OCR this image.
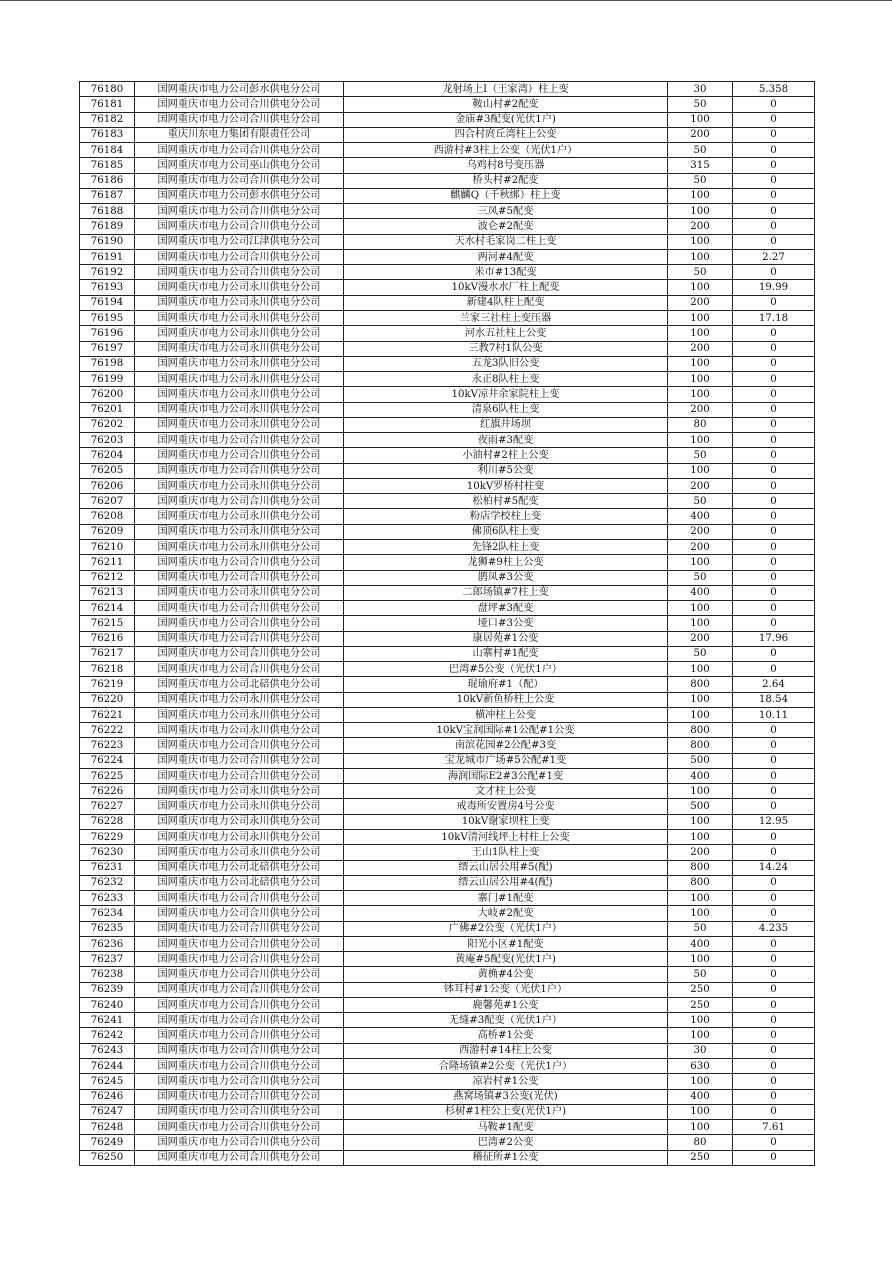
76180	国网重庆市电力公司彭水供电分公司	龙射场上Ⅰ（王家湾）柱上变	30	5.358
76181	国网重庆市电力公司合川供电分公司	鞍山村#2配变	50	0
76182	国网重庆市电力公司合川供电分公司	金庙#3配变(光伏1户)	100	0
76183	重庆川东电力集团有限责任公司	四合村庹丘湾柱上公变	200	0
76184	国网重庆市电力公司合川供电分公司	西游村#3柱上公变（光伏1户）	50	0
76185	国网重庆市电力公司巫山供电分公司	乌鸡村8号变压器	315	0
76186	国网重庆市电力公司合川供电分公司	桥头村#2配变	50	0
76187	国网重庆市电力公司彭水供电分公司	麒麟Q（千秋绑）柱上变	100	0
76188	国网重庆市电力公司合川供电分公司	三凤#5配变	100	0
76189	国网重庆市电力公司合川供电分公司	波仑#2配变	200	0
76190	国网重庆市电力公司江津供电分公司	天水村毛家岗二柱上变	100	0
76191	国网重庆市电力公司合川供电分公司	两河#4配变	100	2.27
76192	国网重庆市电力公司合川供电分公司	米市#13配变	50	0
76193	国网重庆市电力公司永川供电分公司	10kV漫水水厂柱上配变	100	19.99
76194	国网重庆市电力公司永川供电分公司	新建4队柱上配变	200	0
76195	国网重庆市电力公司永川供电分公司	兰家三社柱上变压器	100	17.18
76196	国网重庆市电力公司永川供电分公司	河水五社柱上公变	100	0
76197	国网重庆市电力公司永川供电分公司	三教7村1队公变	200	0
76198	国网重庆市电力公司永川供电分公司	五龙3队旧公变	100	0
76199	国网重庆市电力公司永川供电分公司	永正8队柱上变	100	0
76200	国网重庆市电力公司永川供电分公司	10kV凉井余家院柱上变	100	0
76201	国网重庆市电力公司永川供电分公司	清泉6队柱上变	200	0
76202	国网重庆市电力公司永川供电分公司	红旗井场坝	80	0
76203	国网重庆市电力公司合川供电分公司	夜雨#3配变	100	0
76204	国网重庆市电力公司合川供电分公司	小油村#2柱上公变	50	0
76205	国网重庆市电力公司合川供电分公司	利川#5公变	100	0
76206	国网重庆市电力公司永川供电分公司	10kV罗桥村柱变	200	0
76207	国网重庆市电力公司合川供电分公司	松柏村#5配变	50	0
76208	国网重庆市电力公司永川供电分公司	粉店学校柱上变	400	0
76209	国网重庆市电力公司永川供电分公司	佛顶6队柱上变	200	0
76210	国网重庆市电力公司永川供电分公司	先锋2队柱上变	200	0
76211	国网重庆市电力公司合川供电分公司	龙狮#9柱上公变	100	0
76212	国网重庆市电力公司合川供电分公司	鹊凤#3公变	50	0
76213	国网重庆市电力公司永川供电分公司	二郎场镇#7柱上变	400	0
76214	国网重庆市电力公司合川供电分公司	盘坪#3配变	100	0
76215	国网重庆市电力公司合川供电分公司	垭口#3公变	100	0
76216	国网重庆市电力公司合川供电分公司	康居苑#1公变	200	17.96
76217	国网重庆市电力公司合川供电分公司	山寨村#1配变	50	0
76218	国网重庆市电力公司合川供电分公司	巴湾#5公变（光伏1户）	100	0
76219	国网重庆市电力公司北碚供电分公司	琨瑜府#1（配）	800	2.64
76220	国网重庆市电力公司永川供电分公司	10kV新鱼桥柱上公变	100	18.54
76221	国网重庆市电力公司永川供电分公司	横冲柱上公变	100	10.11
76222	国网重庆市电力公司永川供电分公司	10kV宝润国际#1公配#1公变	800	0
76223	国网重庆市电力公司合川供电分公司	南滨花园#2公配#3变	800	0
76224	国网重庆市电力公司合川供电分公司	宝龙城市广场#5公配#1变	500	0
76225	国网重庆市电力公司合川供电分公司	海润国际E2#3公配#1变	400	0
76226	国网重庆市电力公司永川供电分公司	文才柱上公变	100	0
76227	国网重庆市电力公司永川供电分公司	戒毒所安置房4号公变	500	0
76228	国网重庆市电力公司永川供电分公司	10kV谢家坝柱上变	100	12.95
76229	国网重庆市电力公司永川供电分公司	10kV清河线坪上村柱上公变	100	0
76230	国网重庆市电力公司永川供电分公司	王山1队柱上变	200	0
76231	国网重庆市电力公司北碚供电分公司	缙云山居公用#5(配)	800	14.24
76232	国网重庆市电力公司北碚供电分公司	缙云山居公用#4(配)	800	0
76233	国网重庆市电力公司合川供电分公司	寨门#1配变	100	0
76234	国网重庆市电力公司合川供电分公司	大岐#2配变	100	0
76235	国网重庆市电力公司合川供电分公司	广佛#2公变（光伏1户）	50	4.235
76236	国网重庆市电力公司合川供电分公司	阳光小区#1配变	400	0
76237	国网重庆市电力公司合川供电分公司	黄庵#5配变(光伏1户)	100	0
76238	国网重庆市电力公司合川供电分公司	黄桷#4公变	50	0
76239	国网重庆市电力公司合川供电分公司	钵耳村#1公变（光伏1户）	250	0
76240	国网重庆市电力公司合川供电分公司	鹿馨苑#1公变	250	0
76241	国网重庆市电力公司合川供电分公司	无缝#3配变（光伏1户）	100	0
76242	国网重庆市电力公司合川供电分公司	高桥#1公变	100	0
76243	国网重庆市电力公司合川供电分公司	西游村#14柱上公变	30	0
76244	国网重庆市电力公司合川供电分公司	合隆场镇#2公变（光伏1户）	630	0
76245	国网重庆市电力公司合川供电分公司	凉岩村#1公变	100	0
76246	国网重庆市电力公司合川供电分公司	燕窝场镇#3公变(光伏)	400	0
76247	国网重庆市电力公司合川供电分公司	杉树#1柱公上变(光伏1户)	100	0
76248	国网重庆市电力公司合川供电分公司	马鞍#1配变	100	7.61
76249	国网重庆市电力公司合川供电分公司	巴湾#2公变	80	0
76250	国网重庆市电力公司合川供电分公司	稽征所#1公变	250	0
